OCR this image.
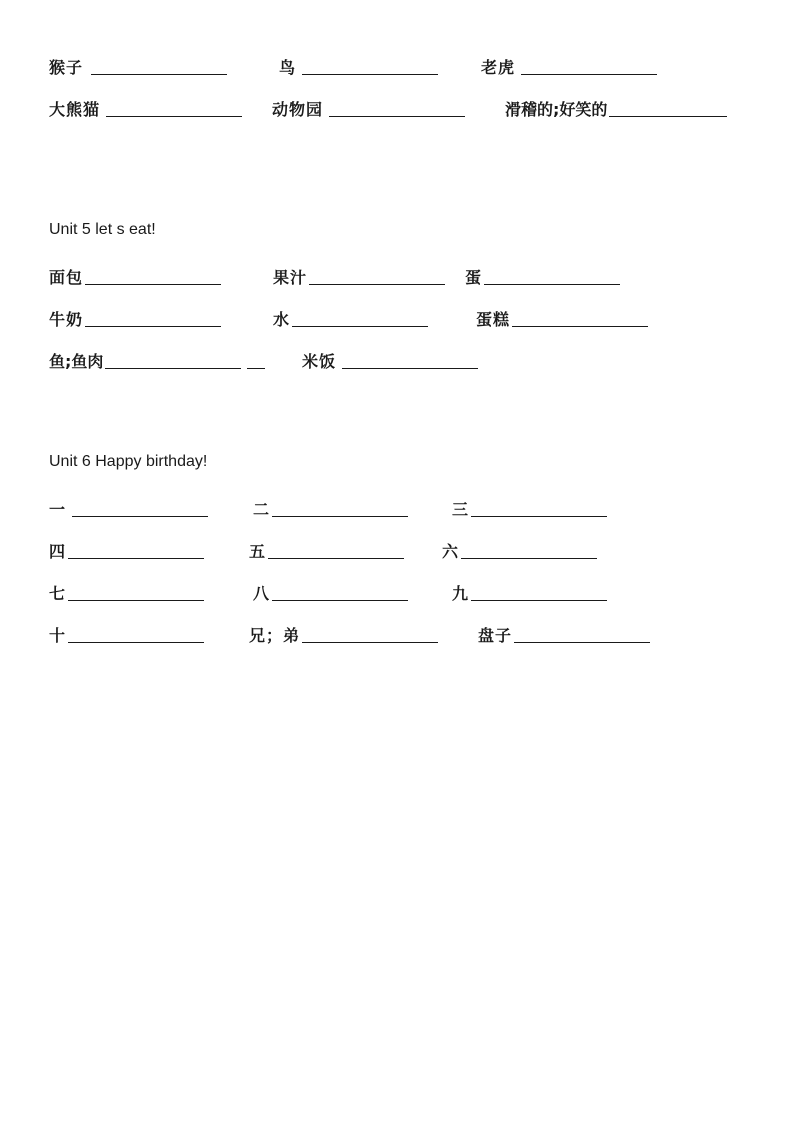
猴子	鸟	老虎
大熊猫	动物园	滑稽的;好笑的
Unit 5 let s eat!
面包	果汁	蛋
牛奶	水	蛋糕
鱼;鱼肉	米饭
Unit 6 Happy birthday!
一	二	三
四	五	六
七	八	九
十	兄；弟	盘子
